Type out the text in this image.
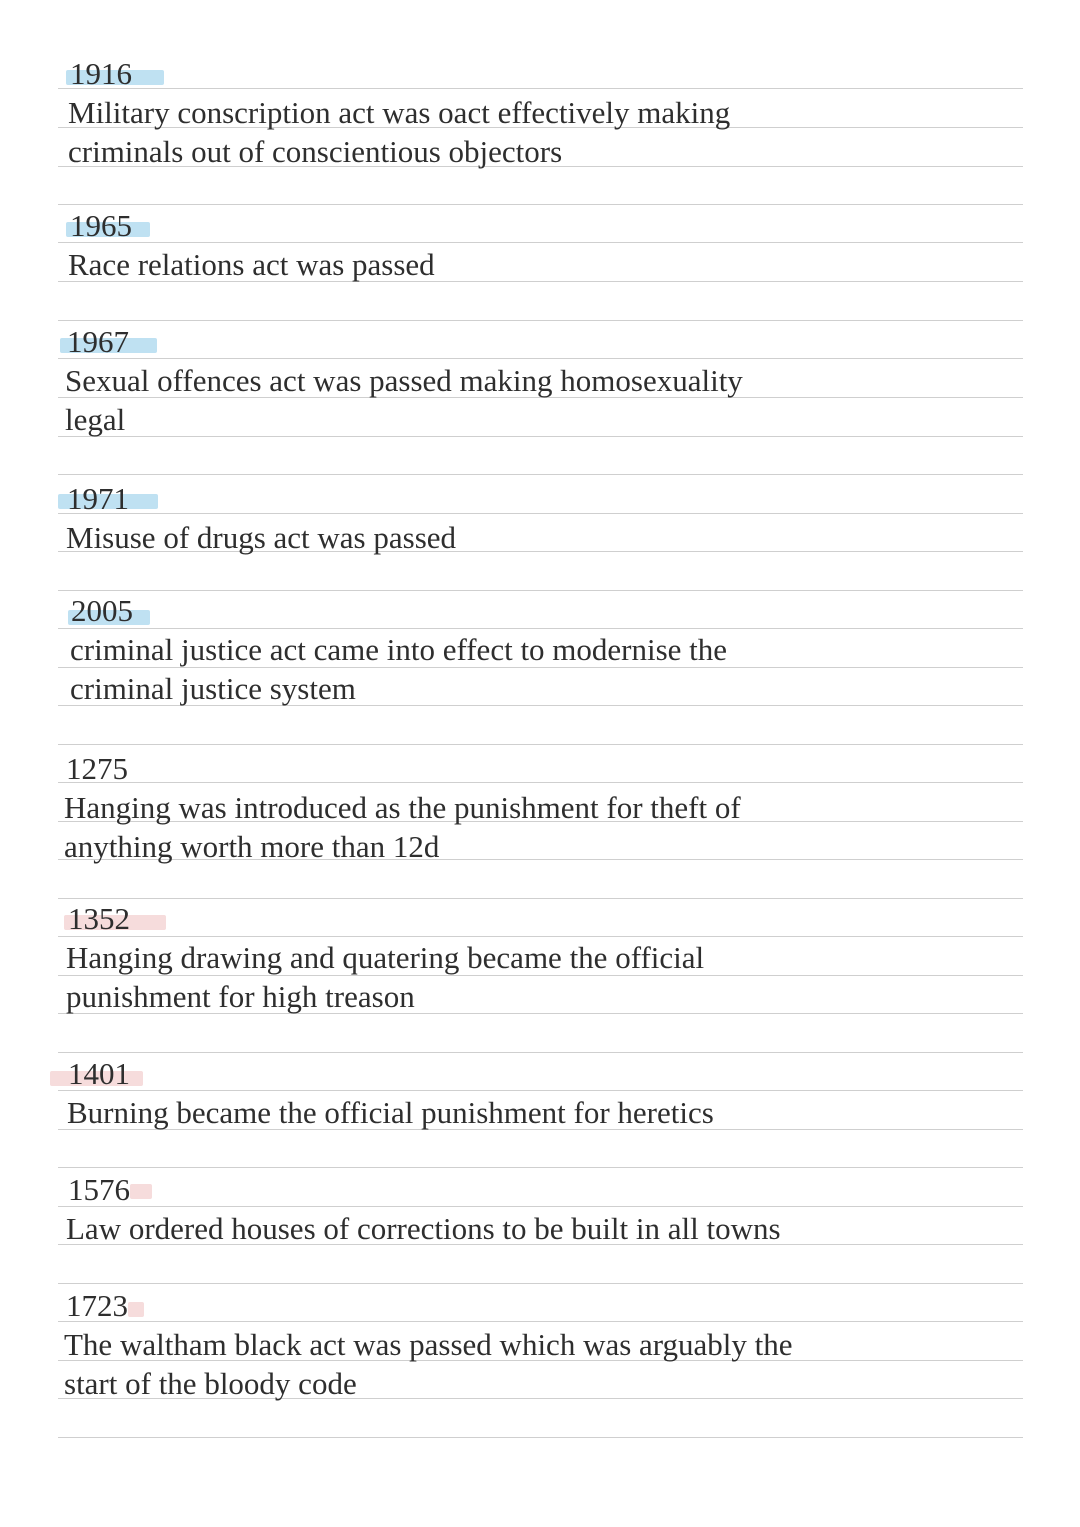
1916
Military conscription act was oact effectively making
criminals out of conscientious objectors
1965
Race relations act was passed
1967
Sexual offences act was passed making homosexuality
legal
1971
Misuse of drugs act was passed
2005
criminal justice act came into effect to modernise the
criminal justice system
1275
Hanging was introduced as the punishment for theft of
anything worth more than 12d
1352
Hanging drawing and quatering became the official
punishment for high treason
1401
Burning became the official punishment for heretics
1576
Law ordered houses of corrections to be built in all towns
1723
The waltham black act was passed which was arguably the
start of the bloody code
